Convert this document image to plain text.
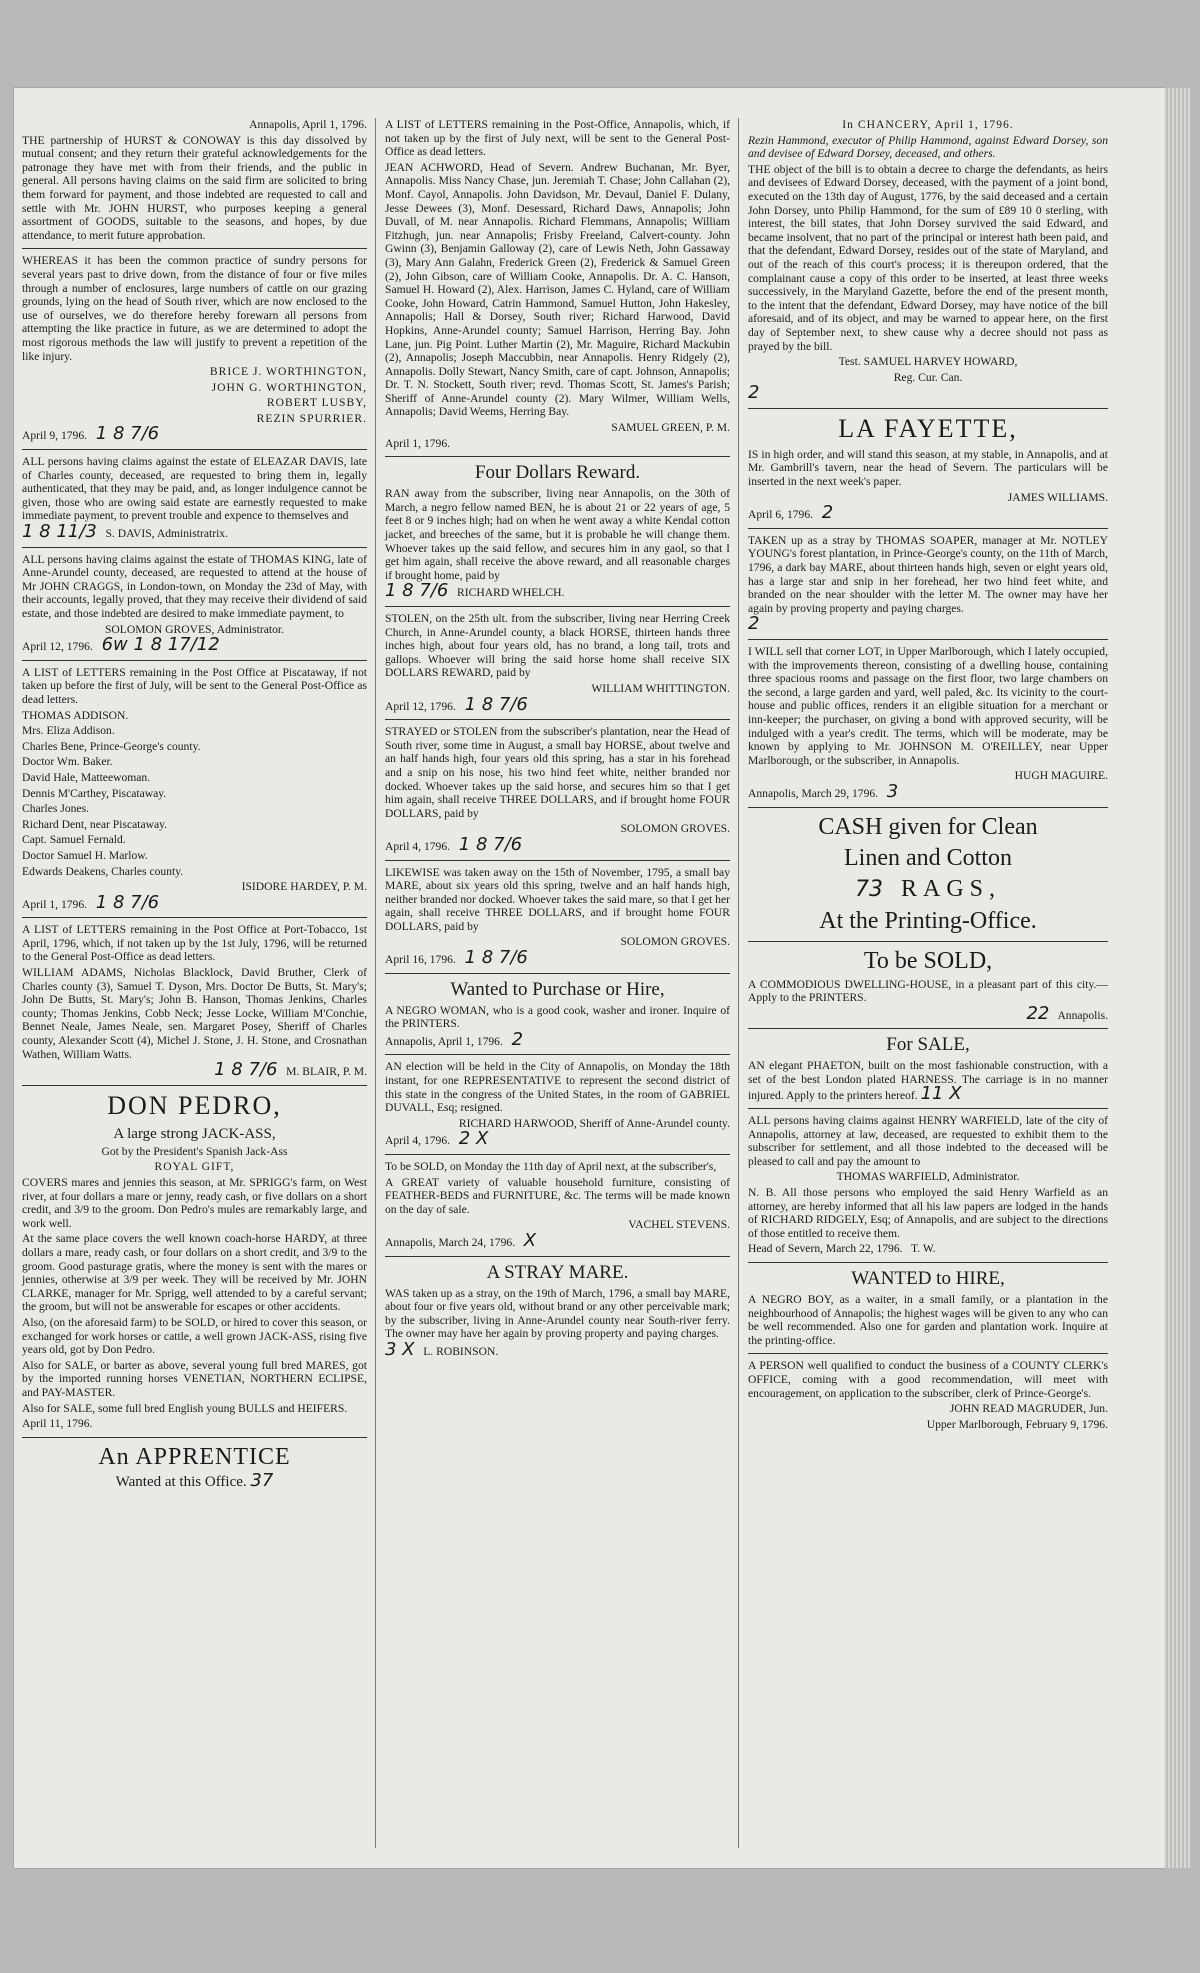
Annapolis, April 1, 1796.

THE partnership of HURST & CONOWAY is this day dissolved by mutual consent; and they return their grateful acknowledgements for the patronage they have met with from their friends, and the public in general. All persons having claims on the said firm are solicited to bring them forward for payment, and those indebted are requested to call and settle with Mr. JOHN HURST, who purposes keeping a general assortment of GOODS, suitable to the seasons, and hopes, by due attendance, to merit future approbation.

WHEREAS it has been the common practice of sundry persons for several years past to drive down, from the distance of four or five miles through a number of enclosures, large numbers of cattle on our grazing grounds, lying on the head of South river, which are now enclosed to the use of ourselves, we do therefore hereby forewarn all persons from attempting the like practice in future, as we are determined to adopt the most rigorous methods the law will justify to prevent a repetition of the like injury.

BRICE J. WORTHINGTON,

JOHN G. WORTHINGTON,

ROBERT LUSBY,

REZIN SPURRIER.

April 9, 1796. 1 8 7/6

ALL persons having claims against the estate of ELEAZAR DAVIS, late of Charles county, deceased, are requested to bring them in, legally authenticated, that they may be paid, and, as longer indulgence cannot be given, those who are owing said estate are earnestly requested to make immediate payment, to prevent trouble and expence to themselves and

1 8 11/3 S. DAVIS, Administratrix.

ALL persons having claims against the estate of THOMAS KING, late of Anne-Arundel county, deceased, are requested to attend at the house of Mr JOHN CRAGGS, in London-town, on Monday the 23d of May, with their accounts, legally proved, that they may receive their dividend of said estate, and those indebted are desired to make immediate payment, to

SOLOMON GROVES, Administrator.

April 12, 1796. 6w 1 8 17/12

A LIST of LETTERS remaining in the Post Office at Piscataway, if not taken up before the first of July, will be sent to the General Post-Office as dead letters.

THOMAS ADDISON.

Mrs. Eliza Addison.

Charles Bene, Prince-George's county.

Doctor Wm. Baker.

David Hale, Matteewoman.

Dennis M'Carthey, Piscataway.

Charles Jones.

Richard Dent, near Piscataway.

Capt. Samuel Fernald.

Doctor Samuel H. Marlow.

Edwards Deakens, Charles county.

ISIDORE HARDEY, P. M.

April 1, 1796. 1 8 7/6

A LIST of LETTERS remaining in the Post Office at Port-Tobacco, 1st April, 1796, which, if not taken up by the 1st July, 1796, will be returned to the General Post-Office as dead letters.

WILLIAM ADAMS, Nicholas Blacklock, David Bruther, Clerk of Charles county (3), Samuel T. Dyson, Mrs. Doctor De Butts, St. Mary's; John De Butts, St. Mary's; John B. Hanson, Thomas Jenkins, Charles county; Thomas Jenkins, Cobb Neck; Jesse Locke, William M'Conchie, Bennet Neale, James Neale, sen. Margaret Posey, Sheriff of Charles county, Alexander Scott (4), Michel J. Stone, J. H. Stone, and Crosnathan Wathen, William Watts.

1 8 7/6 M. BLAIR, P. M.

DON PEDRO,

A large strong JACK-ASS,

Got by the President's Spanish Jack-Ass

ROYAL GIFT,

COVERS mares and jennies this season, at Mr. SPRIGG's farm, on West river, at four dollars a mare or jenny, ready cash, or five dollars on a short credit, and 3/9 to the groom. Don Pedro's mules are remarkably large, and work well.

At the same place covers the well known coach-horse HARDY, at three dollars a mare, ready cash, or four dollars on a short credit, and 3/9 to the groom. Good pasturage gratis, where the money is sent with the mares or jennies, otherwise at 3/9 per week. They will be received by Mr. JOHN CLARKE, manager for Mr. Sprigg, well attended to by a careful servant; the groom, but will not be answerable for escapes or other accidents.

Also, (on the aforesaid farm) to be SOLD, or hired to cover this season, or exchanged for work horses or cattle, a well grown JACK-ASS, rising five years old, got by Don Pedro.

Also for SALE, or barter as above, several young full bred MARES, got by the imported running horses VENETIAN, NORTHERN ECLIPSE, and PAY-MASTER.

Also for SALE, some full bred English young BULLS and HEIFERS.

April 11, 1796.

An APPRENTICE

Wanted at this Office. 37

A LIST of LETTERS remaining in the Post-Office, Annapolis, which, if not taken up by the first of July next, will be sent to the General Post-Office as dead letters.

JEAN ACHWORD, Head of Severn. Andrew Buchanan, Mr. Byer, Annapolis. Miss Nancy Chase, jun. Jeremiah T. Chase; John Callahan (2), Monf. Cayol, Annapolis. John Davidson, Mr. Devaul, Daniel F. Dulany, Jesse Dewees (3), Monf. Desessard, Richard Daws, Annapolis; John Duvall, of M. near Annapolis. Richard Flemmans, Annapolis; William Fitzhugh, jun. near Annapolis; Frisby Freeland, Calvert-county. John Gwinn (3), Benjamin Galloway (2), care of Lewis Neth, John Gassaway (3), Mary Ann Galahn, Frederick Green (2), Frederick & Samuel Green (2), John Gibson, care of William Cooke, Annapolis. Dr. A. C. Hanson, Samuel H. Howard (2), Alex. Harrison, James C. Hyland, care of William Cooke, John Howard, Catrin Hammond, Samuel Hutton, John Hakesley, Annapolis; Hall & Dorsey, South river; Richard Harwood, David Hopkins, Anne-Arundel county; Samuel Harrison, Herring Bay. John Lane, jun. Pig Point. Luther Martin (2), Mr. Maguire, Richard Mackubin (2), Annapolis; Joseph Maccubbin, near Annapolis. Henry Ridgely (2), Annapolis. Dolly Stewart, Nancy Smith, care of capt. Johnson, Annapolis; Dr. T. N. Stockett, South river; revd. Thomas Scott, St. James's Parish; Sheriff of Anne-Arundel county (2). Mary Wilmer, William Wells, Annapolis; David Weems, Herring Bay.

SAMUEL GREEN, P. M.

April 1, 1796.

Four Dollars Reward.

RAN away from the subscriber, living near Annapolis, on the 30th of March, a negro fellow named BEN, he is about 21 or 22 years of age, 5 feet 8 or 9 inches high; had on when he went away a white Kendal cotton jacket, and breeches of the same, but it is probable he will change them. Whoever takes up the said fellow, and secures him in any gaol, so that I get him again, shall receive the above reward, and all reasonable charges if brought home, paid by

1 8 7/6 RICHARD WHELCH.

STOLEN, on the 25th ult. from the subscriber, living near Herring Creek Church, in Anne-Arundel county, a black HORSE, thirteen hands three inches high, about four years old, has no brand, a long tail, trots and gallops. Whoever will bring the said horse home shall receive SIX DOLLARS REWARD, paid by

WILLIAM WHITTINGTON.

April 12, 1796. 1 8 7/6

STRAYED or STOLEN from the subscriber's plantation, near the Head of South river, some time in August, a small bay HORSE, about twelve and an half hands high, four years old this spring, has a star in his forehead and a snip on his nose, his two hind feet white, neither branded nor docked. Whoever takes up the said horse, and secures him so that I get him again, shall receive THREE DOLLARS, and if brought home FOUR DOLLARS, paid by

SOLOMON GROVES.

April 4, 1796. 1 8 7/6

LIKEWISE was taken away on the 15th of November, 1795, a small bay MARE, about six years old this spring, twelve and an half hands high, neither branded nor docked. Whoever takes the said mare, so that I get her again, shall receive THREE DOLLARS, and if brought home FOUR DOLLARS, paid by

SOLOMON GROVES.

April 16, 1796. 1 8 7/6

Wanted to Purchase or Hire,

A NEGRO WOMAN, who is a good cook, washer and ironer. Inquire of the PRINTERS.

Annapolis, April 1, 1796. 2

AN election will be held in the City of Annapolis, on Monday the 18th instant, for one REPRESENTATIVE to represent the second district of this state in the congress of the United States, in the room of GABRIEL DUVALL, Esq; resigned.

RICHARD HARWOOD, Sheriff of Anne-Arundel county.

April 4, 1796. 2 X

To be SOLD, on Monday the 11th day of April next, at the subscriber's,

A GREAT variety of valuable household furniture, consisting of FEATHER-BEDS and FURNITURE, &c. The terms will be made known on the day of sale.

VACHEL STEVENS.

Annapolis, March 24, 1796. X

A STRAY MARE.

WAS taken up as a stray, on the 19th of March, 1796, a small bay MARE, about four or five years old, without brand or any other perceivable mark; by the subscriber, living in Anne-Arundel county near South-river ferry. The owner may have her again by proving property and paying charges.

3 X L. ROBINSON.

In CHANCERY, April 1, 1796.

Rezin Hammond, executor of Philip Hammond, against Edward Dorsey, son and devisee of Edward Dorsey, deceased, and others.

THE object of the bill is to obtain a decree to charge the defendants, as heirs and devisees of Edward Dorsey, deceased, with the payment of a joint bond, executed on the 13th day of August, 1776, by the said deceased and a certain John Dorsey, unto Philip Hammond, for the sum of £89 10 0 sterling, with interest, the bill states, that John Dorsey survived the said Edward, and became insolvent, that no part of the principal or interest hath been paid, and that the defendant, Edward Dorsey, resides out of the state of Maryland, and out of the reach of this court's process; it is thereupon ordered, that the complainant cause a copy of this order to be inserted, at least three weeks successively, in the Maryland Gazette, before the end of the present month, to the intent that the defendant, Edward Dorsey, may have notice of the bill aforesaid, and of its object, and may be warned to appear here, on the first day of September next, to shew cause why a decree should not pass as prayed by the bill.

Test. SAMUEL HARVEY HOWARD,

Reg. Cur. Can.

2

LA FAYETTE,

IS in high order, and will stand this season, at my stable, in Annapolis, and at Mr. Gambrill's tavern, near the head of Severn. The particulars will be inserted in the next week's paper.

JAMES WILLIAMS.

April 6, 1796. 2

TAKEN up as a stray by THOMAS SOAPER, manager at Mr. NOTLEY YOUNG's forest plantation, in Prince-George's county, on the 11th of March, 1796, a dark bay MARE, about thirteen hands high, seven or eight years old, has a large star and snip in her forehead, her two hind feet white, and branded on the near shoulder with the letter M. The owner may have her again by proving property and paying charges.

2

I WILL sell that corner LOT, in Upper Marlborough, which I lately occupied, with the improvements thereon, consisting of a dwelling house, containing three spacious rooms and passage on the first floor, two large chambers on the second, a large garden and yard, well paled, &c. Its vicinity to the court-house and public offices, renders it an eligible situation for a merchant or inn-keeper; the purchaser, on giving a bond with approved security, will be indulged with a year's credit. The terms, which will be moderate, may be known by applying to Mr. JOHNSON M. O'REILLEY, near Upper Marlborough, or the subscriber, in Annapolis.

HUGH MAGUIRE.

Annapolis, March 29, 1796. 3

CASH given for Clean

Linen and Cotton

73 RAGS,

At the Printing-Office.

To be SOLD,

A COMMODIOUS DWELLING-HOUSE, in a pleasant part of this city.—Apply to the PRINTERS.

22 Annapolis.

For SALE,

AN elegant PHAETON, built on the most fashionable construction, with a set of the best London plated HARNESS. The carriage is in no manner injured. Apply to the printers hereof. 11 X

ALL persons having claims against HENRY WARFIELD, late of the city of Annapolis, attorney at law, deceased, are requested to exhibit them to the subscriber for settlement, and all those indebted to the deceased will be pleased to call and pay the amount to

THOMAS WARFIELD, Administrator.

N. B. All those persons who employed the said Henry Warfield as an attorney, are hereby informed that all his law papers are lodged in the hands of RICHARD RIDGELY, Esq; of Annapolis, and are subject to the directions of those entitled to receive them.

Head of Severn, March 22, 1796. T. W.

WANTED to HIRE,

A NEGRO BOY, as a waiter, in a small family, or a plantation in the neighbourhood of Annapolis; the highest wages will be given to any who can be well recommended. Also one for garden and plantation work. Inquire at the printing-office.

A PERSON well qualified to conduct the business of a COUNTY CLERK's OFFICE, coming with a good recommendation, will meet with encouragement, on application to the subscriber, clerk of Prince-George's.

JOHN READ MAGRUDER, Jun.

Upper Marlborough, February 9, 1796.
